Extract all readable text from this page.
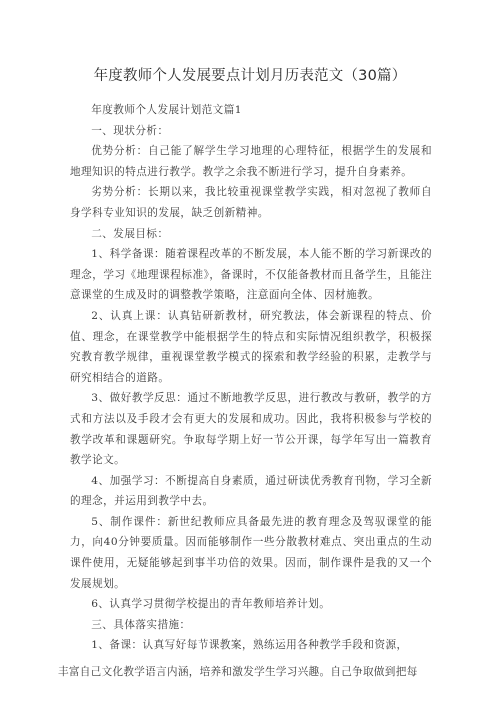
年度教师个人发展要点计划月历表范文（30篇）

年度教师个人发展计划范文篇1

一、现状分析：

优势分析：自己能了解学生学习地理的心理特征，根据学生的发展和地理知识的特点进行教学。教学之余我不断进行学习，提升自身素养。

劣势分析：长期以来，我比较重视课堂教学实践，相对忽视了教师自身学科专业知识的发展，缺乏创新精神。

二、发展目标：

1、科学备课：随着课程改革的不断发展，本人能不断的学习新课改的理念，学习《地理课程标准》，备课时，不仅能备教材而且备学生，且能注意课堂的生成及时的调整教学策略，注意面向全体、因材施教。

2、认真上课：认真钻研新教材，研究教法，体会新课程的特点、价值、理念，在课堂教学中能根据学生的特点和实际情况组织教学，积极探究教育教学规律，重视课堂教学模式的探索和教学经验的积累，走教学与研究相结合的道路。

3、做好教学反思：通过不断地教学反思，进行教改与教研，教学的方式和方法以及手段才会有更大的发展和成功。因此，我将积极参与学校的教学改革和课题研究。争取每学期上好一节公开课，每学年写出一篇教育教学论文。

4、加强学习：不断提高自身素质，通过研读优秀教育刊物，学习全新的理念，并运用到教学中去。

5、制作课件：新世纪教师应具备最先进的教育理念及驾驭课堂的能力，向40分钟要质量。因而能够制作一些分散教材难点、突出重点的生动课件使用，无疑能够起到事半功倍的效果。因而，制作课件是我的又一个发展规划。

6、认真学习贯彻学校提出的青年教师培养计划。

三、具体落实措施：

1、备课：认真写好每节课教案，熟练运用各种教学手段和资源，

丰富自己文化教学语言内涵，培养和激发学生学习兴趣。自己争取做到把每
